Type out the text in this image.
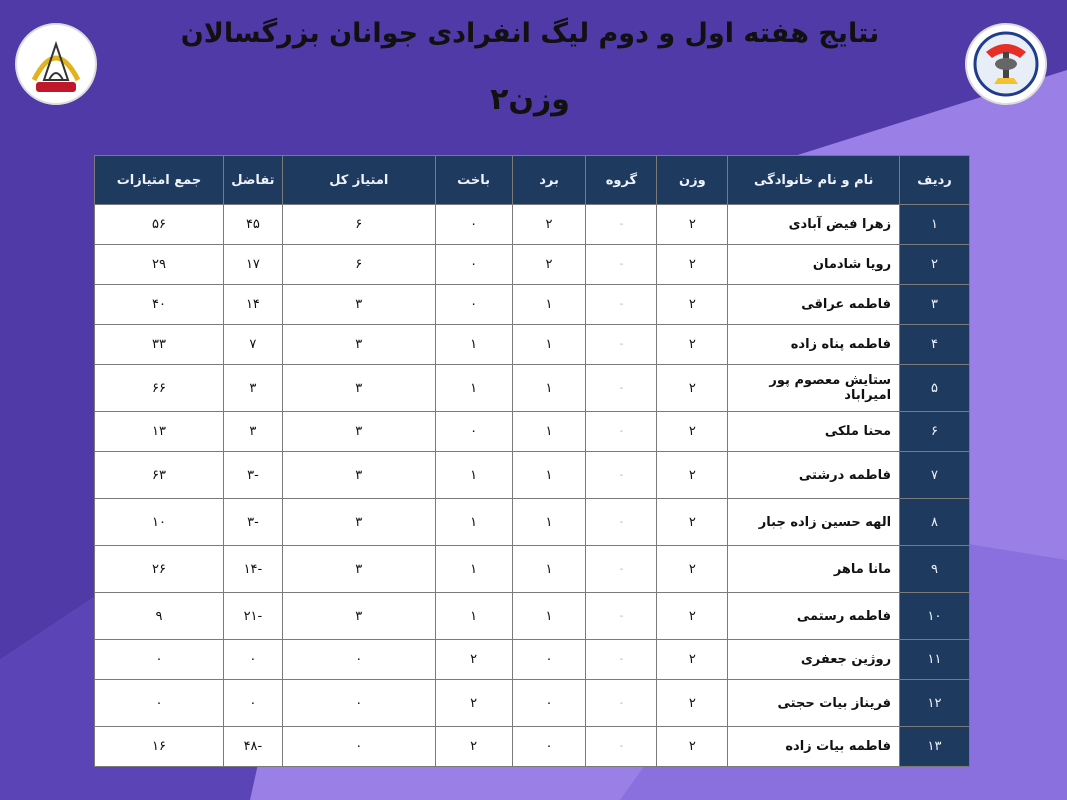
نتایج هفته اول و دوم لیگ انفرادی جوانان بزرگسالان
وزن۲
ردیف	نام و نام خانوادگی	وزن	گروه	برد	باخت	امتیاز کل	تفاضل	جمع امتیازات
۱	زهرا فیض آبادی	۲	-	۲	۰	۶	۴۵	۵۶
۲	رویا شادمان	۲	-	۲	۰	۶	۱۷	۲۹
۳	فاطمه عراقی	۲	-	۱	۰	۳	۱۴	۴۰
۴	فاطمه پناه زاده	۲	-	۱	۱	۳	۷	۳۳
۵	ستایش معصوم پور امیراباد	۲	-	۱	۱	۳	۳	۶۶
۶	محنا ملکی	۲	-	۱	۰	۳	۳	۱۳
۷	فاطمه درشتی	۲	-	۱	۱	۳	-۳	۶۳
۸	الهه حسین زاده جبار	۲	-	۱	۱	۳	-۳	۱۰
۹	مانا ماهر	۲	-	۱	۱	۳	-۱۴	۲۶
۱۰	فاطمه رستمی	۲	-	۱	۱	۳	-۲۱	۹
۱۱	روژین جعفری	۲	-	۰	۲	۰	۰	۰
۱۲	فریناز بیات حجتی	۲	-	۰	۲	۰	۰	۰
۱۳	فاطمه بیات زاده	۲	-	۰	۲	۰	-۴۸	۱۶
